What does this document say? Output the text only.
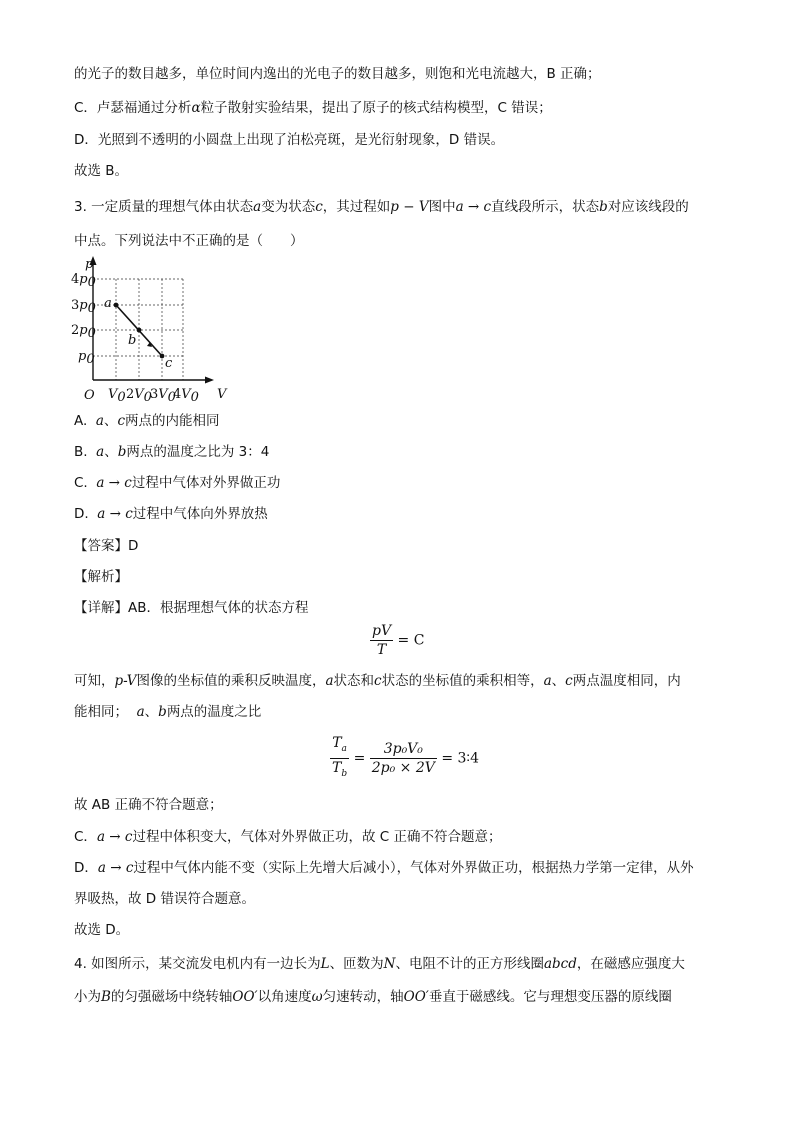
的光子的数目越多，单位时间内逸出的光电子的数目越多，则饱和光电流越大，B 正确；
C．卢瑟福通过分析α粒子散射实验结果，提出了原子的核式结构模型，C 错误；
D．光照到不透明的小圆盘上出现了泊松亮斑，是光衍射现象，D 错误。
故选 B。
3. 一定质量的理想气体由状态a变为状态c，其过程如p − V图中a → c直线段所示，状态b对应该线段的
中点。下列说法中不正确的是（　　）
p
V
O
a
b
c
p0
2p0
3p0
4p0
V0 2V0
3V0
4V0
A. a、c两点的内能相同
B. a、b两点的温度之比为 3：4
C. a → c过程中气体对外界做正功
D. a → c过程中气体向外界放热
【答案】D
【解析】
【详解】AB．根据理想气体的状态方程
$\frac{pV}{T} = C$
可知，p-V图像的坐标值的乘积反映温度，a状态和c状态的坐标值的乘积相等，a、c两点温度相同，内
能相同； a、b两点的温度之比
$\frac{T_a}{T_b} = \frac{\text{3p₀V₀}}{\text{2p₀ × 2V}}$ = 3∶4
故 AB 正确不符合题意；
C．a → c过程中体积变大，气体对外界做正功，故 C 正确不符合题意；
D．a → c过程中气体内能不变（实际上先增大后减小），气体对外界做正功，根据热力学第一定律，从外
界吸热，故 D 错误符合题意。
故选 D。
4. 如图所示，某交流发电机内有一边长为L、匝数为N、电阻不计的正方形线圈abcd，在磁感应强度大
小为B的匀强磁场中绕转轴OO′以角速度ω匀速转动，轴OO′垂直于磁感线。它与理想变压器的原线圈
